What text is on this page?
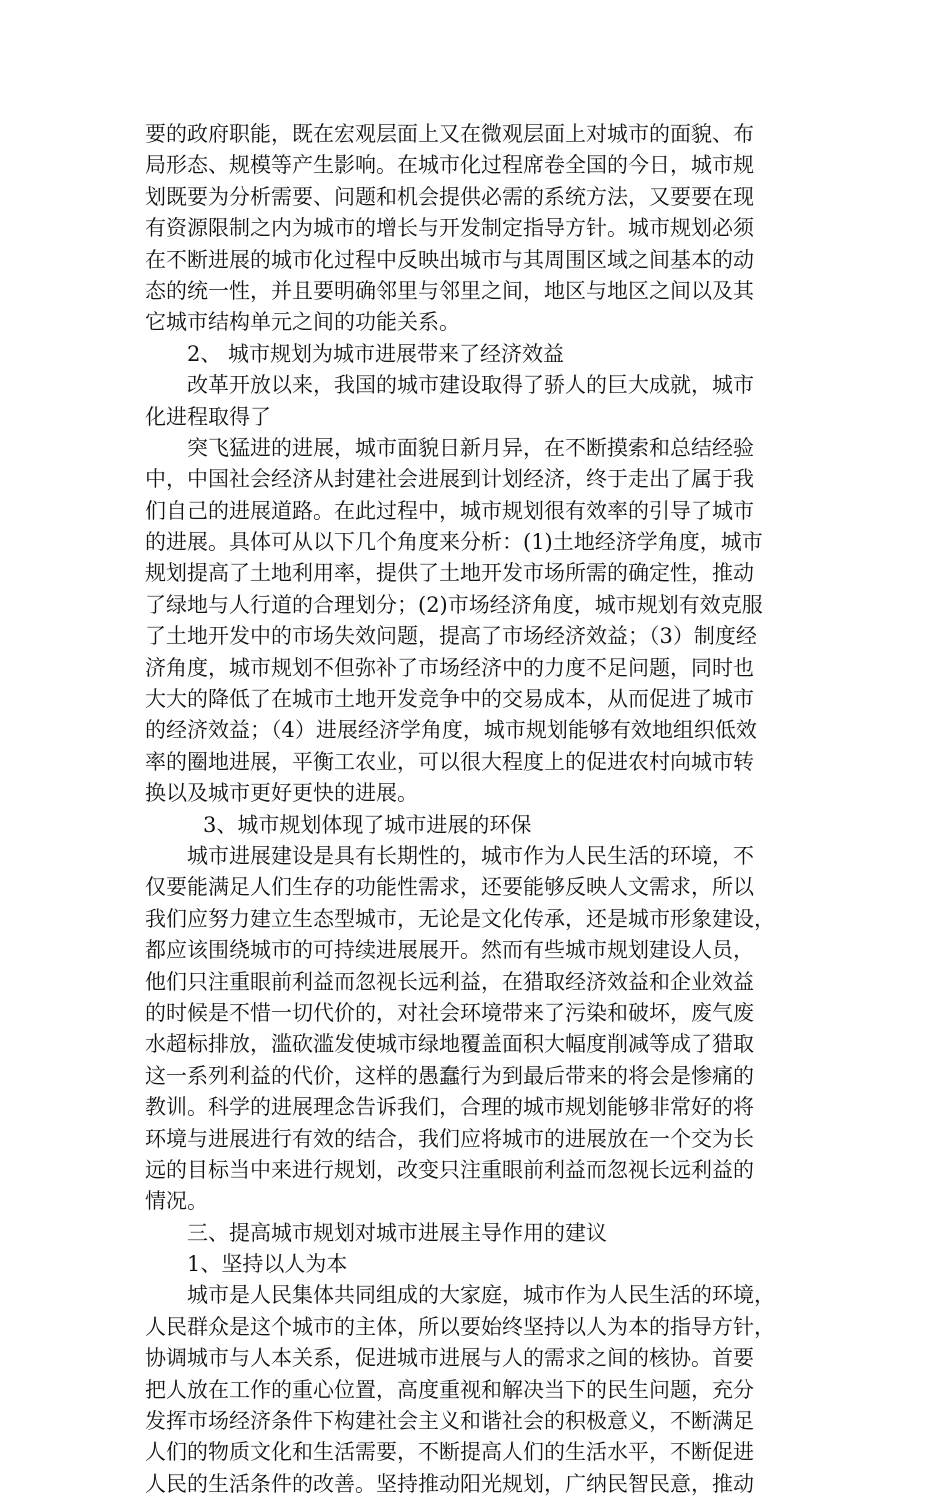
要的政府职能，既在宏观层面上又在微观层面上对城市的面貌、布
局形态、规模等产生影响。在城市化过程席卷全国的今日，城市规
划既要为分析需要、问题和机会提供必需的系统方法，又要要在现
有资源限制之内为城市的增长与开发制定指导方针。城市规划必须
在不断进展的城市化过程中反映出城市与其周围区域之间基本的动
态的统一性，并且要明确邻里与邻里之间，地区与地区之间以及其
它城市结构单元之间的功能关系。
2、 城市规划为城市进展带来了经济效益
改革开放以来，我国的城市建设取得了骄人的巨大成就，城市
化进程取得了
突飞猛进的进展，城市面貌日新月异，在不断摸索和总结经验
中，中国社会经济从封建社会进展到计划经济，终于走出了属于我
们自己的进展道路。在此过程中，城市规划很有效率的引导了城市
的进展。具体可从以下几个角度来分析：(1)土地经济学角度，城市
规划提高了土地利用率，提供了土地开发市场所需的确定性，推动
了绿地与人行道的合理划分；(2)市场经济角度，城市规划有效克服
了土地开发中的市场失效问题，提高了市场经济效益；（3）制度经
济角度，城市规划不但弥补了市场经济中的力度不足问题，同时也
大大的降低了在城市土地开发竞争中的交易成本，从而促进了城市
的经济效益；（4）进展经济学角度，城市规划能够有效地组织低效
率的圈地进展，平衡工农业，可以很大程度上的促进农村向城市转
换以及城市更好更快的进展。
3、城市规划体现了城市进展的环保
城市进展建设是具有长期性的，城市作为人民生活的环境，不
仅要能满足人们生存的功能性需求，还要能够反映人文需求，所以
我们应努力建立生态型城市，无论是文化传承，还是城市形象建设，
都应该围绕城市的可持续进展展开。然而有些城市规划建设人员，
他们只注重眼前利益而忽视长远利益，在猎取经济效益和企业效益
的时候是不惜一切代价的，对社会环境带来了污染和破坏，废气废
水超标排放，滥砍滥发使城市绿地覆盖面积大幅度削减等成了猎取
这一系列利益的代价，这样的愚蠢行为到最后带来的将会是惨痛的
教训。科学的进展理念告诉我们，合理的城市规划能够非常好的将
环境与进展进行有效的结合，我们应将城市的进展放在一个交为长
远的目标当中来进行规划，改变只注重眼前利益而忽视长远利益的
情况。
三、提高城市规划对城市进展主导作用的建议
1、坚持以人为本
城市是人民集体共同组成的大家庭，城市作为人民生活的环境，
人民群众是这个城市的主体，所以要始终坚持以人为本的指导方针，
协调城市与人本关系，促进城市进展与人的需求之间的核协。首要
把人放在工作的重心位置，高度重视和解决当下的民生问题，充分
发挥市场经济条件下构建社会主义和谐社会的积极意义，不断满足
人们的物质文化和生活需要，不断提高人们的生活水平，不断促进
人民的生活条件的改善。坚持推动阳光规划，广纳民智民意，推动
